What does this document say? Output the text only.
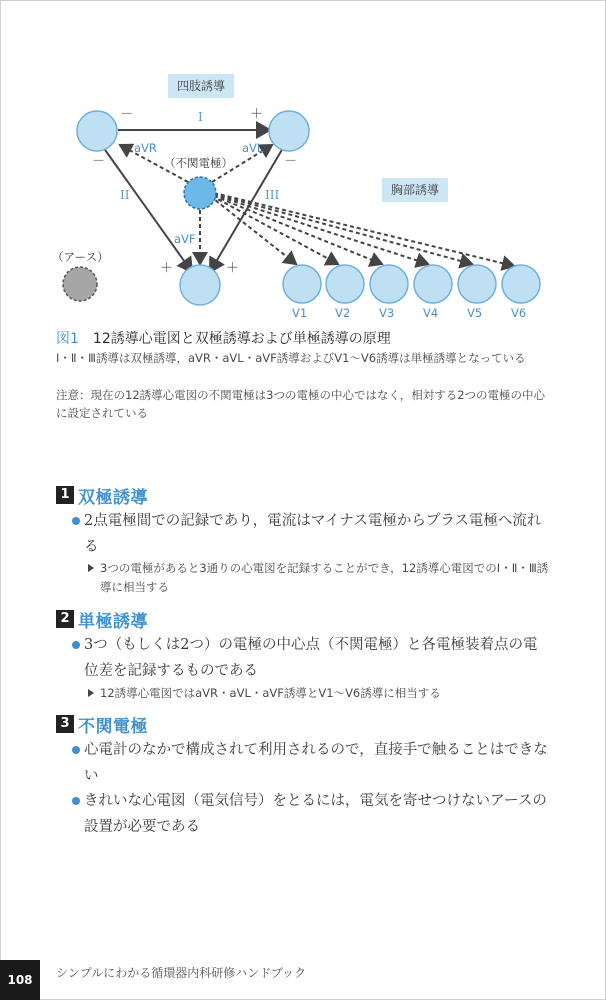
四肢誘導
胸部誘導
I
II	III
aVR	aVL
aVF
（不関電極）
（アース）
－	＋
－	－
＋	＋
V1 V2	V3	V4	V5	V6
図1 12誘導心電図と双極誘導および単極誘導の原理
Ⅰ・Ⅱ・Ⅲ誘導は双極誘導，aVR・aVL・aVF誘導およびV1～V6誘導は単極誘導となっている
注意：現在の12誘導心電図の不関電極は3つの電極の中心ではなく，相対する2つの電極の中心に設定されている
1 双極誘導
2点電極間での記録であり，電流はマイナス電極からプラス電極へ流れる
3つの電極があると3通りの心電図を記録することができ，12誘導心電図でのⅠ・Ⅱ・Ⅲ誘導に相当する
2 単極誘導
3つ（もしくは2つ）の電極の中心点（不関電極）と各電極装着点の電位差を記録するものである
12誘導心電図ではaVR・aVL・aVF誘導とV1～V6誘導に相当する
3 不関電極
心電計のなかで構成されて利用されるので，直接手で触ることはできない
きれいな心電図（電気信号）をとるには，電気を寄せつけないアースの設置が必要である
108	シンプルにわかる循環器内科研修ハンドブック
